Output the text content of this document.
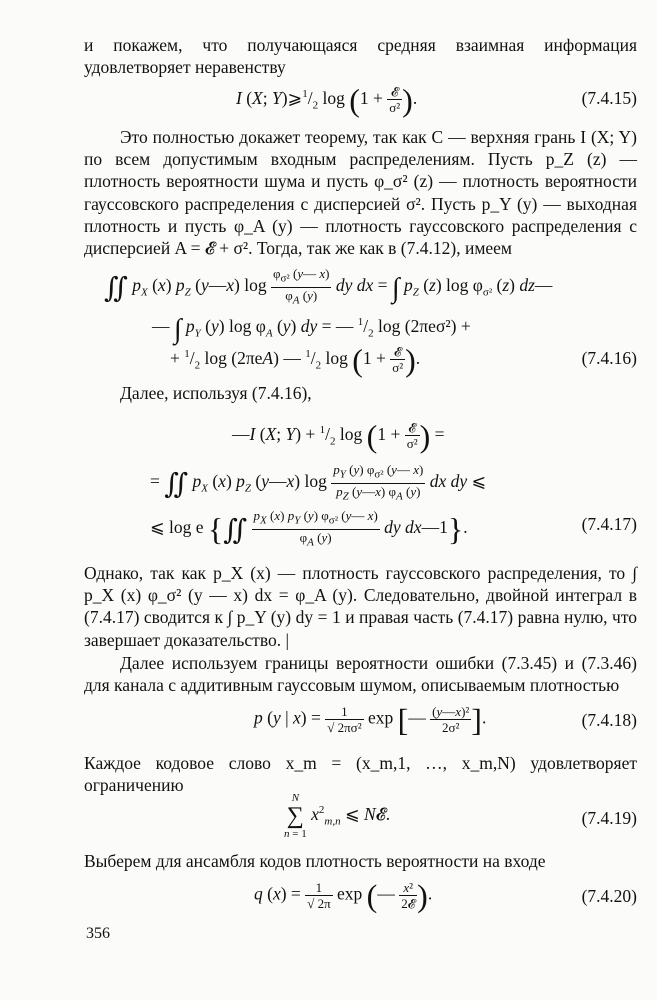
и покажем, что получающаяся средняя взаимная информация удовлетворяет неравенству

I (X; $Y)⩾^1/_2$ $\log (1 + \frac{\text{𝓔}}{\text{σ²}}$ ).	(7.4.15)

Это полностью докажет теорему, так как C — верхняя грань I (X; Y) по всем допустимым входным распределениям. Пусть p_Z (z) — плотность вероятности шума и пусть φ_σ² (z) — плотность вероятности гауссовского распределения с дисперсией σ². Пусть p_Y (y) — выходная плотность и пусть φ_A (y) — плотность гауссовского распределения с дисперсией A = 𝓔 + σ². Тогда, так же как в (7.4.12), имеем

∬ $p_X$ (x) $p_Z$ (y—x) $\log \frac{\varphi_{\sigma^2} (y— x)}{\varphi_A (y)}$ dy dx = ∫ $p_Z$ (z) $\log \varphi_{\sigma^2}$ (z) dz—
— ∫ $p_Y$ (y) $\log \varphi_A$ (y) dy = — $^1/_2$ log (2πeσ²) +
+ $^1/_2$ log (2πeA) — $^1/_2$ $\log (1 + \frac{\text{𝓔}}{\text{σ²}}$ ).	(7.4.16)

Далее, используя (7.4.16),

—I (X; $Y) + ^1/_2$ $\log (1 + \frac{\text{𝓔}}{\text{σ²}}$ ) =
= ∬ $p_X$ (x) $p_Z$ (y—x) $\log \frac{p_Y (y) \varphi_{\sigma^2} (y— x)}{p_Z (y—x) \varphi_A (y)}$ dx dy ⩽
⩽ log e {∬ $\frac{p_X (x) p_Y (y) \varphi_{\sigma^2} (y— x)}{\varphi_A (y)}$ dy dx—1}.	(7.4.17)

Однако, так как p_X (x) — плотность гауссовского распределения, то ∫ p_X (x) φ_σ² (y — x) dx = φ_A (y). Следовательно, двойной интеграл в (7.4.17) сводится к ∫ p_Y (y) dy = 1 и правая часть (7.4.17) равна нулю, что завершает доказательство. |

Далее используем границы вероятности ошибки (7.3.45) и (7.3.46) для канала с аддитивным гауссовым шумом, описываемым плотностью

p (y | $x) = \frac{1}{\text{√ 2πσ²}}$ exp [— $\frac{\text{(y—x)²}}{\text{2σ²}}$ ].	(7.4.18)

Каждое кодовое слово x_m = (x_m,1, …, x_m,N) удовлетворяет ограничению

N
∑
n = 1
$x^2_{m,n}$ ⩽ N𝓔.	(7.4.19)

Выберем для ансамбля кодов плотность вероятности на входе

q $(x) = \frac{1}{√ 2\pi}$ exp (— $\frac{\text{x²}}{\text{2𝓔}}$ ).	(7.4.20)

356
